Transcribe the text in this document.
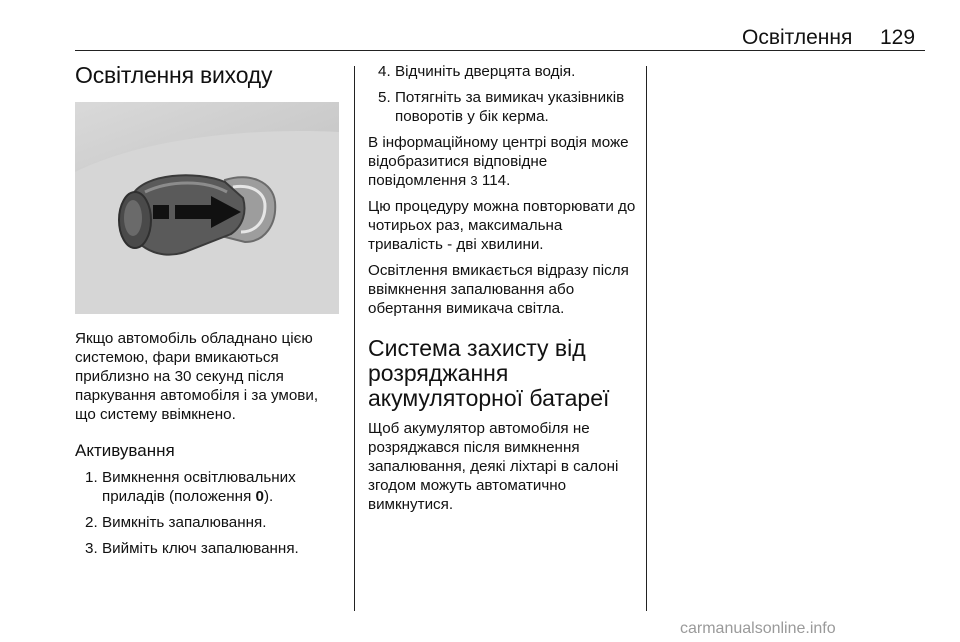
Освітлення 129
Освітлення виходу

Якщо автомобіль обладнано цією системою, фари вмикаються приблизно на 30 секунд після паркування автомобіля і за умови, що систему ввімкнено.

Активування
1. Вимкнення освітлювальних приладів (положення 0).
2. Вимкніть запалювання.
3. Вийміть ключ запалювання.
4. Відчиніть дверцята водія.
5. Потягніть за вимикач указівників поворотів у бік керма.

В інформаційному центрі водія може відобразитися відповідне повідомлення 3 114.

Цю процедуру можна повторювати до чотирьох раз, максимальна тривалість - дві хвилини.

Освітлення вмикається відразу після ввімкнення запалювання або обертання вимикача світла.

Система захисту від розряджання акумуляторної батареї

Щоб акумулятор автомобіля не розряджався після вимкнення запалювання, деякі ліхтарі в салоні згодом можуть автоматично вимкнутися.

carmanualsonline.info
